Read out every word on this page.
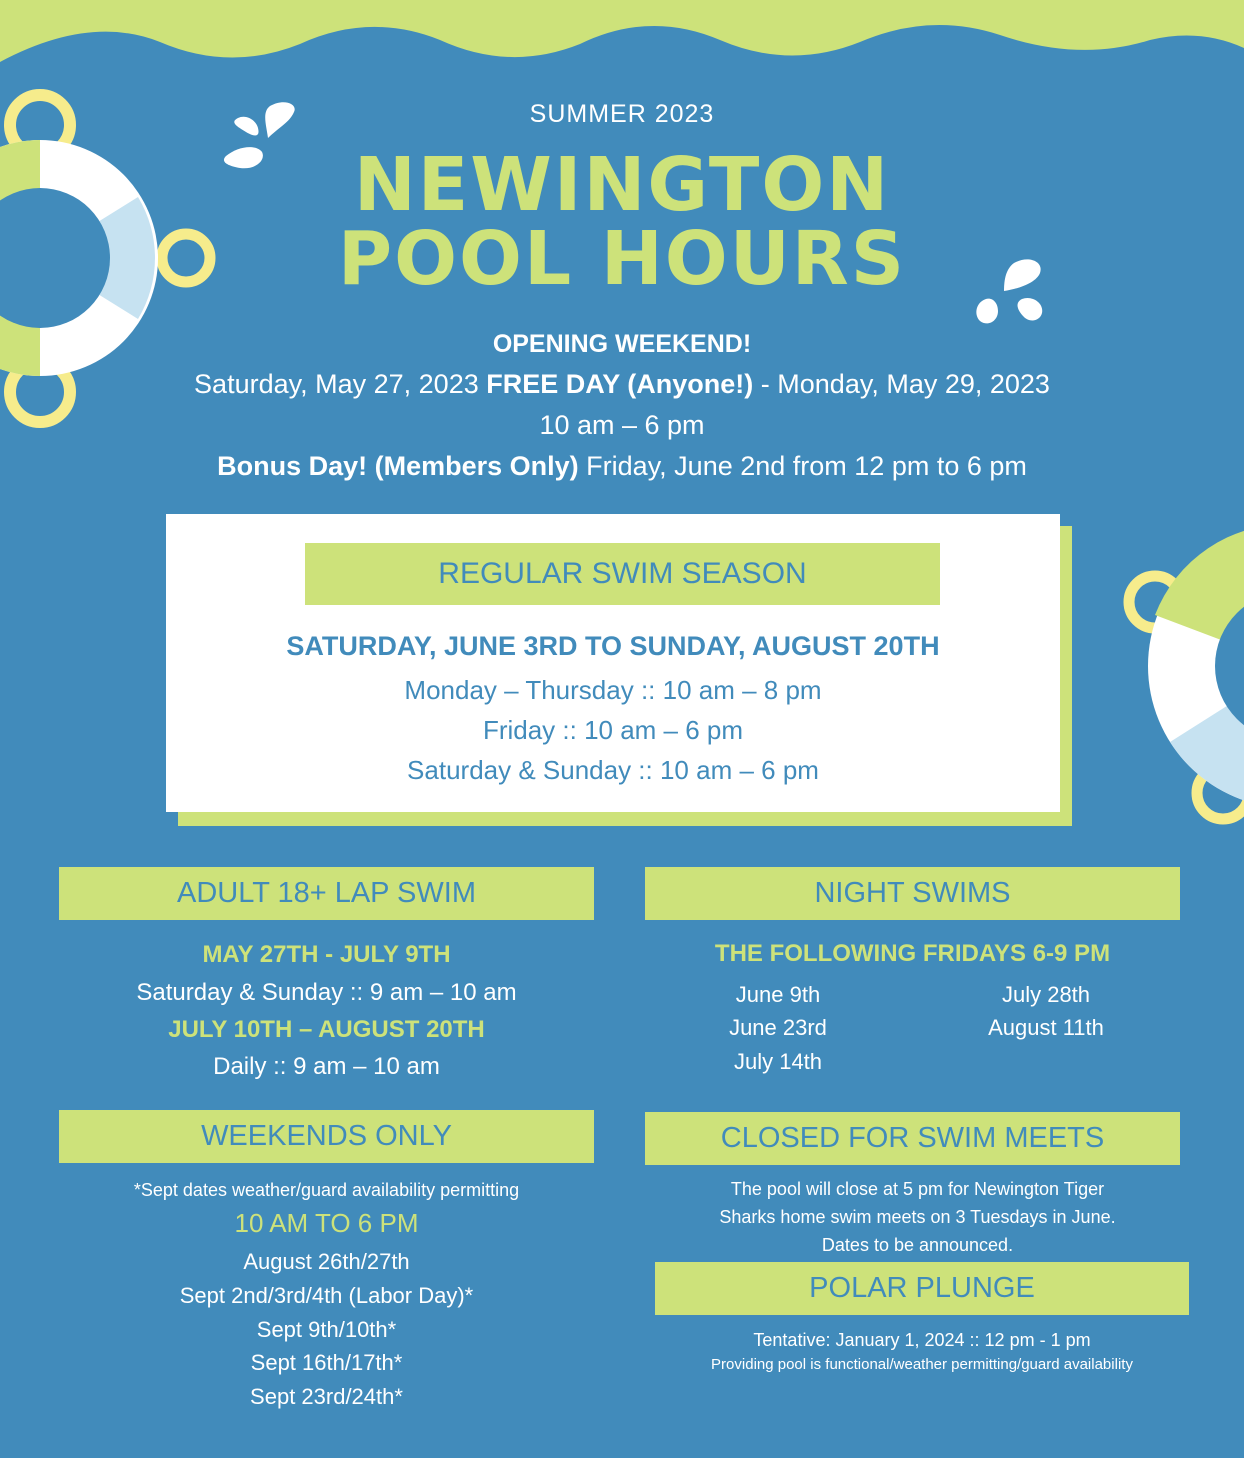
SUMMER 2023
NEWINGTON
POOL HOURS
OPENING WEEKEND!
Saturday, May 27, 2023 FREE DAY (Anyone!) - Monday, May 29, 2023
10 am – 6 pm
Bonus Day! (Members Only) Friday, June 2nd from 12 pm to 6 pm
REGULAR SWIM SEASON
SATURDAY, JUNE 3RD TO SUNDAY, AUGUST 20TH
Monday – Thursday :: 10 am – 8 pm
Friday :: 10 am – 6 pm
Saturday & Sunday :: 10 am – 6 pm
ADULT 18+ LAP SWIM
MAY 27TH - JULY 9TH
Saturday & Sunday :: 9 am – 10 am
JULY 10TH – AUGUST 20TH
Daily :: 9 am – 10 am
NIGHT SWIMS
THE FOLLOWING FRIDAYS 6-9 PM
June 9th
June 23rd
July 14th
July 28th
August 11th
WEEKENDS ONLY
*Sept dates weather/guard availability permitting
10 AM TO 6 PM
August 26th/27th
Sept 2nd/3rd/4th (Labor Day)*
Sept 9th/10th*
Sept 16th/17th*
Sept 23rd/24th*
CLOSED FOR SWIM MEETS
The pool will close at 5 pm for Newington Tiger
Sharks home swim meets on 3 Tuesdays in June.
Dates to be announced.
POLAR PLUNGE
Tentative: January 1, 2024 :: 12 pm - 1 pm
Providing pool is functional/weather permitting/guard availability
